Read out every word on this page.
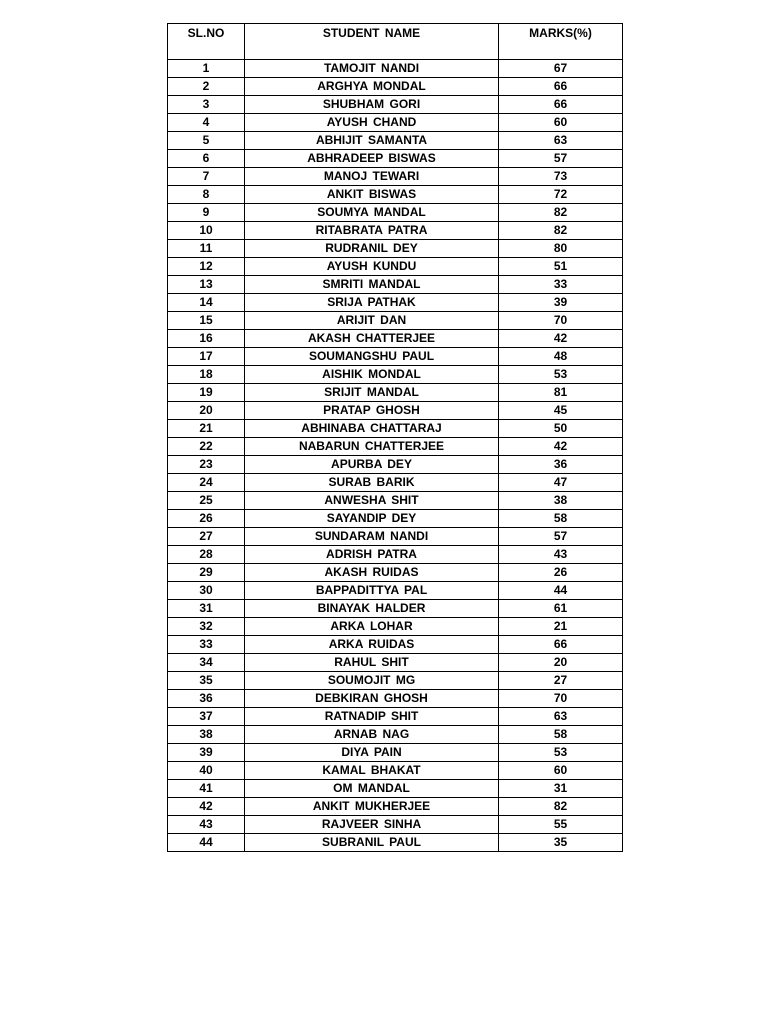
SL.NO	STUDENT NAME	MARKS(%)
1	TAMOJIT NANDI	67
2	ARGHYA MONDAL	66
3	SHUBHAM GORI	66
4	AYUSH CHAND	60
5	ABHIJIT SAMANTA	63
6	ABHRADEEP BISWAS	57
7	MANOJ TEWARI	73
8	ANKIT BISWAS	72
9	SOUMYA MANDAL	82
10	RITABRATA PATRA	82
11	RUDRANIL DEY	80
12	AYUSH KUNDU	51
13	SMRITI MANDAL	33
14	SRIJA PATHAK	39
15	ARIJIT DAN	70
16	AKASH CHATTERJEE	42
17	SOUMANGSHU PAUL	48
18	AISHIK MONDAL	53
19	SRIJIT MANDAL	81
20	PRATAP GHOSH	45
21	ABHINABA CHATTARAJ	50
22	NABARUN CHATTERJEE	42
23	APURBA DEY	36
24	SURAB BARIK	47
25	ANWESHA SHIT	38
26	SAYANDIP DEY	58
27	SUNDARAM NANDI	57
28	ADRISH PATRA	43
29	AKASH RUIDAS	26
30	BAPPADITTYA PAL	44
31	BINAYAK HALDER	61
32	ARKA LOHAR	21
33	ARKA RUIDAS	66
34	RAHUL SHIT	20
35	SOUMOJIT MG	27
36	DEBKIRAN GHOSH	70
37	RATNADIP SHIT	63
38	ARNAB NAG	58
39	DIYA PAIN	53
40	KAMAL BHAKAT	60
41	OM MANDAL	31
42	ANKIT MUKHERJEE	82
43	RAJVEER SINHA	55
44	SUBRANIL PAUL	35
